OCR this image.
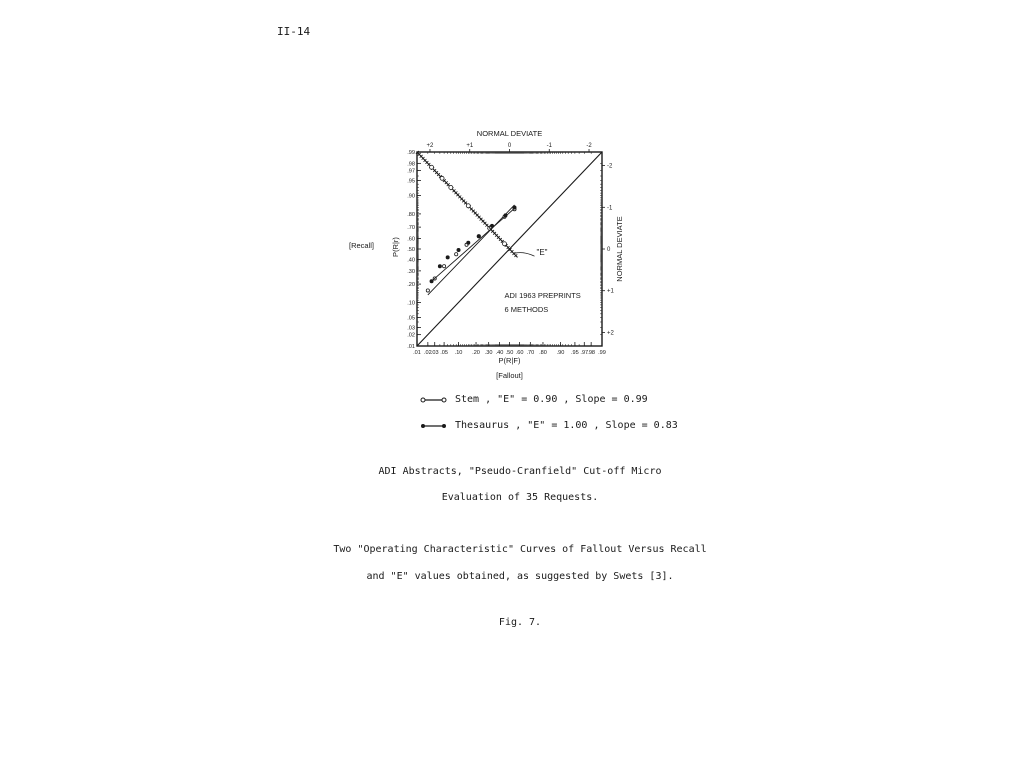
II-14
.01 .02 .03 .05 .10 .20 .30 .40 .50 .60 .70 .80 .90 .95 .97 .98 .99
.01
.02
.03
.05
.10
.20
.30
.40
.50
.60
.70
.80
.90
.95
.97
.98
.99
+2	+1	0	-1	-2
-2
-1
0
+1
+2
NORMAL DEVIATE
NORMAL DEVIATE
P(R|F)
[Fallout]
P(R|r)
[Recall]
"E"
ADI 1963 PREPRINTS
6 METHODS
Stem , "E" = 0.90 , Slope = 0.99
Thesaurus , "E" = 1.00 , Slope = 0.83
ADI Abstracts, "Pseudo-Cranfield" Cut-off Micro
Evaluation of 35 Requests.
Two "Operating Characteristic" Curves of Fallout Versus Recall
and "E" values obtained, as suggested by Swets [3].
Fig. 7.
